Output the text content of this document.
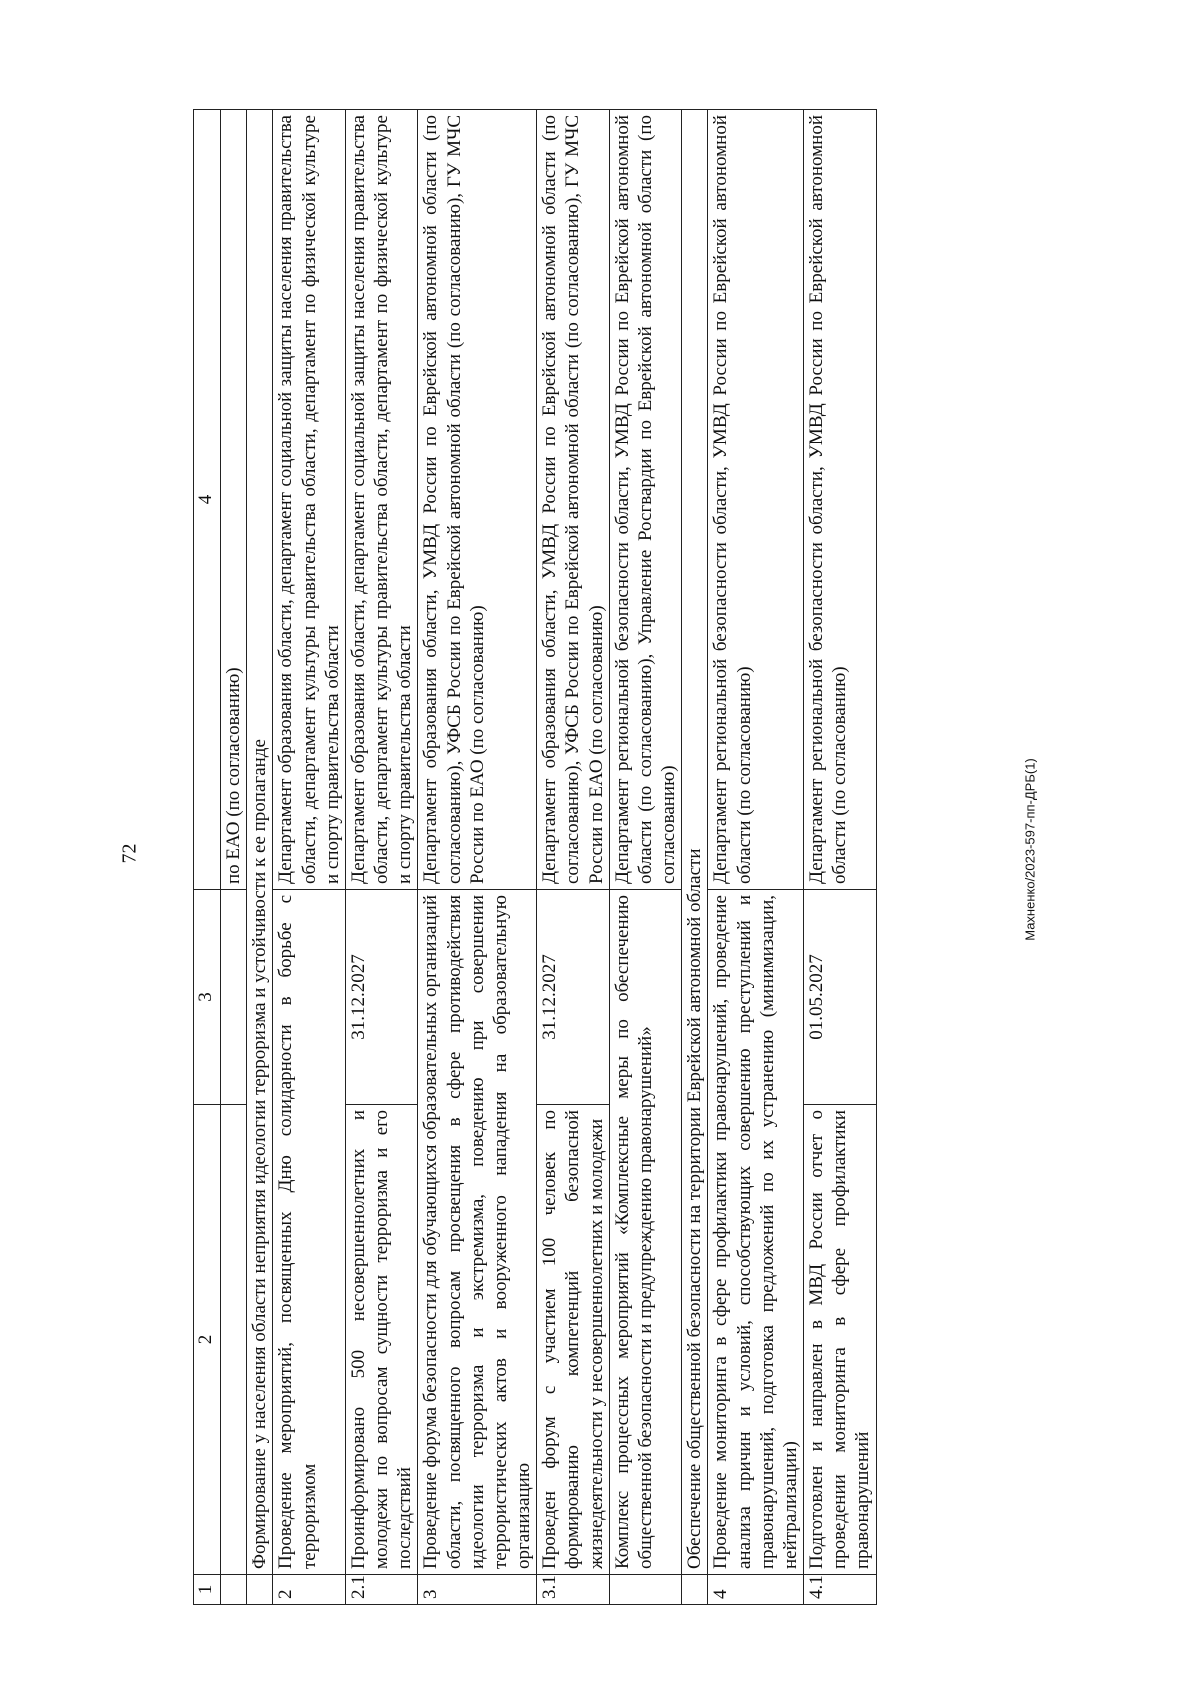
72
1	2	3	4
			по ЕАО (по согласованию)
	Формирование у населения области неприятия идеологии терроризма и устойчивости к ее пропаганде		
2	Проведение мероприятий, посвященных Дню солидарности в борьбе с терроризмом		Департамент образования области, департамент социальной защиты населения правительства области, департамент культуры правительства области, департамент по физической культуре и спорту правительства области
2.1	Проинформировано 500 несовершеннолетних и молодежи по вопросам сущности терроризма и его последствий	31.12.2027	Департамент образования области, департамент социальной защиты населения правительства области, департамент культуры правительства области, департамент по физической культуре и спорту правительства области
3	Проведение форума безопасности для обучающихся образовательных организаций области, посвященного вопросам просвещения в сфере противодействия идеологии терроризма и экстремизма, поведению при совершении террористических актов и вооруженного нападения на образовательную организацию		Департамент образования области, УМВД России по Еврейской автономной области (по согласованию), УФСБ России по Еврейской автономной области (по согласованию), ГУ МЧС России по ЕАО (по согласованию)
3.1	Проведен форум с участием 100 человек по формированию компетенций безопасной жизнедеятельности у несовершеннолетних и молодежи	31.12.2027	Департамент образования области, УМВД России по Еврейской автономной области (по согласованию), УФСБ России по Еврейской автономной области (по согласованию), ГУ МЧС России по ЕАО (по согласованию)
	Комплекс процессных мероприятий «Комплексные меры по обеспечению общественной безопасности и предупреждению правонарушений»		Департамент региональной безопасности области, УМВД России по Еврейской автономной области (по согласованию), Управление Росгвардии по Еврейской автономной области (по согласованию)
	Обеспечение общественной безопасности на территории Еврейской автономной области		
4	Проведение мониторинга в сфере профилактики правонарушений, проведение анализа причин и условий, способствующих совершению преступлений и правонарушений, подготовка предложений по их устранению (минимизации, нейтрализации)		Департамент региональной безопасности области, УМВД России по Еврейской автономной области (по согласованию)
4.1	Подготовлен и направлен в МВД России отчет о проведении мониторинга в сфере профилактики правонарушений	01.05.2027	Департамент региональной безопасности области, УМВД России по Еврейской автономной области (по согласованию)	Махненко/2023-597-пп-ДРБ(1)
